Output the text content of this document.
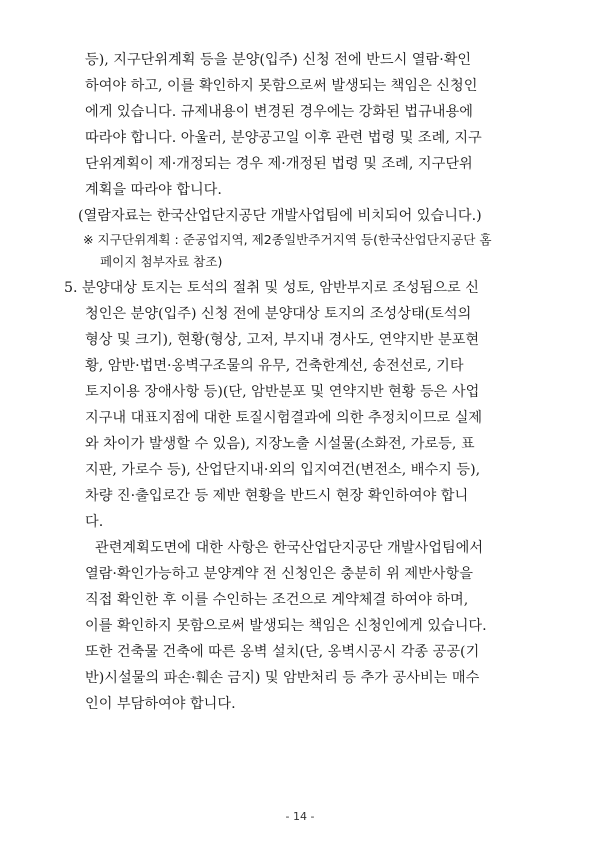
등), 지구단위계획 등을 분양(입주) 신청 전에 반드시 열람·확인
하여야 하고, 이를 확인하지 못함으로써 발생되는 책임은 신청인
에게 있습니다. 규제내용이 변경된 경우에는 강화된 법규내용에
따라야 합니다. 아울러, 분양공고일 이후 관련 법령 및 조례, 지구
단위계획이 제·개정되는 경우 제·개정된 법령 및 조례, 지구단위
계획을 따라야 합니다.
(열람자료는 한국산업단지공단 개발사업팀에 비치되어 있습니다.)
※ 지구단위계획 : 준공업지역, 제2종일반주거지역 등(한국산업단지공단 홈
페이지 첨부자료 참조)
5. 분양대상 토지는 토석의 절취 및 성토, 암반부지로 조성됨으로 신
청인은 분양(입주) 신청 전에 분양대상 토지의 조성상태(토석의
형상 및 크기), 현황(형상, 고저, 부지내 경사도, 연약지반 분포현
황, 암반·법면·옹벽구조물의 유무, 건축한계선, 송전선로, 기타
토지이용 장애사항 등)(단, 암반분포 및 연약지반 현황 등은 사업
지구내 대표지점에 대한 토질시험결과에 의한 추정치이므로 실제
와 차이가 발생할 수 있음), 지장노출 시설물(소화전, 가로등, 표
지판, 가로수 등), 산업단지내·외의 입지여건(변전소, 배수지 등),
차량 진·출입로간 등 제반 현황을 반드시 현장 확인하여야 합니
다.
관련계획도면에 대한 사항은 한국산업단지공단 개발사업팀에서
열람·확인가능하고 분양계약 전 신청인은 충분히 위 제반사항을
직접 확인한 후 이를 수인하는 조건으로 계약체결 하여야 하며,
이를 확인하지 못함으로써 발생되는 책임은 신청인에게 있습니다.
또한 건축물 건축에 따른 옹벽 설치(단, 옹벽시공시 각종 공공(기
반)시설물의 파손·훼손 금지) 및 암반처리 등 추가 공사비는 매수
인이 부담하여야 합니다.
- 14 -
